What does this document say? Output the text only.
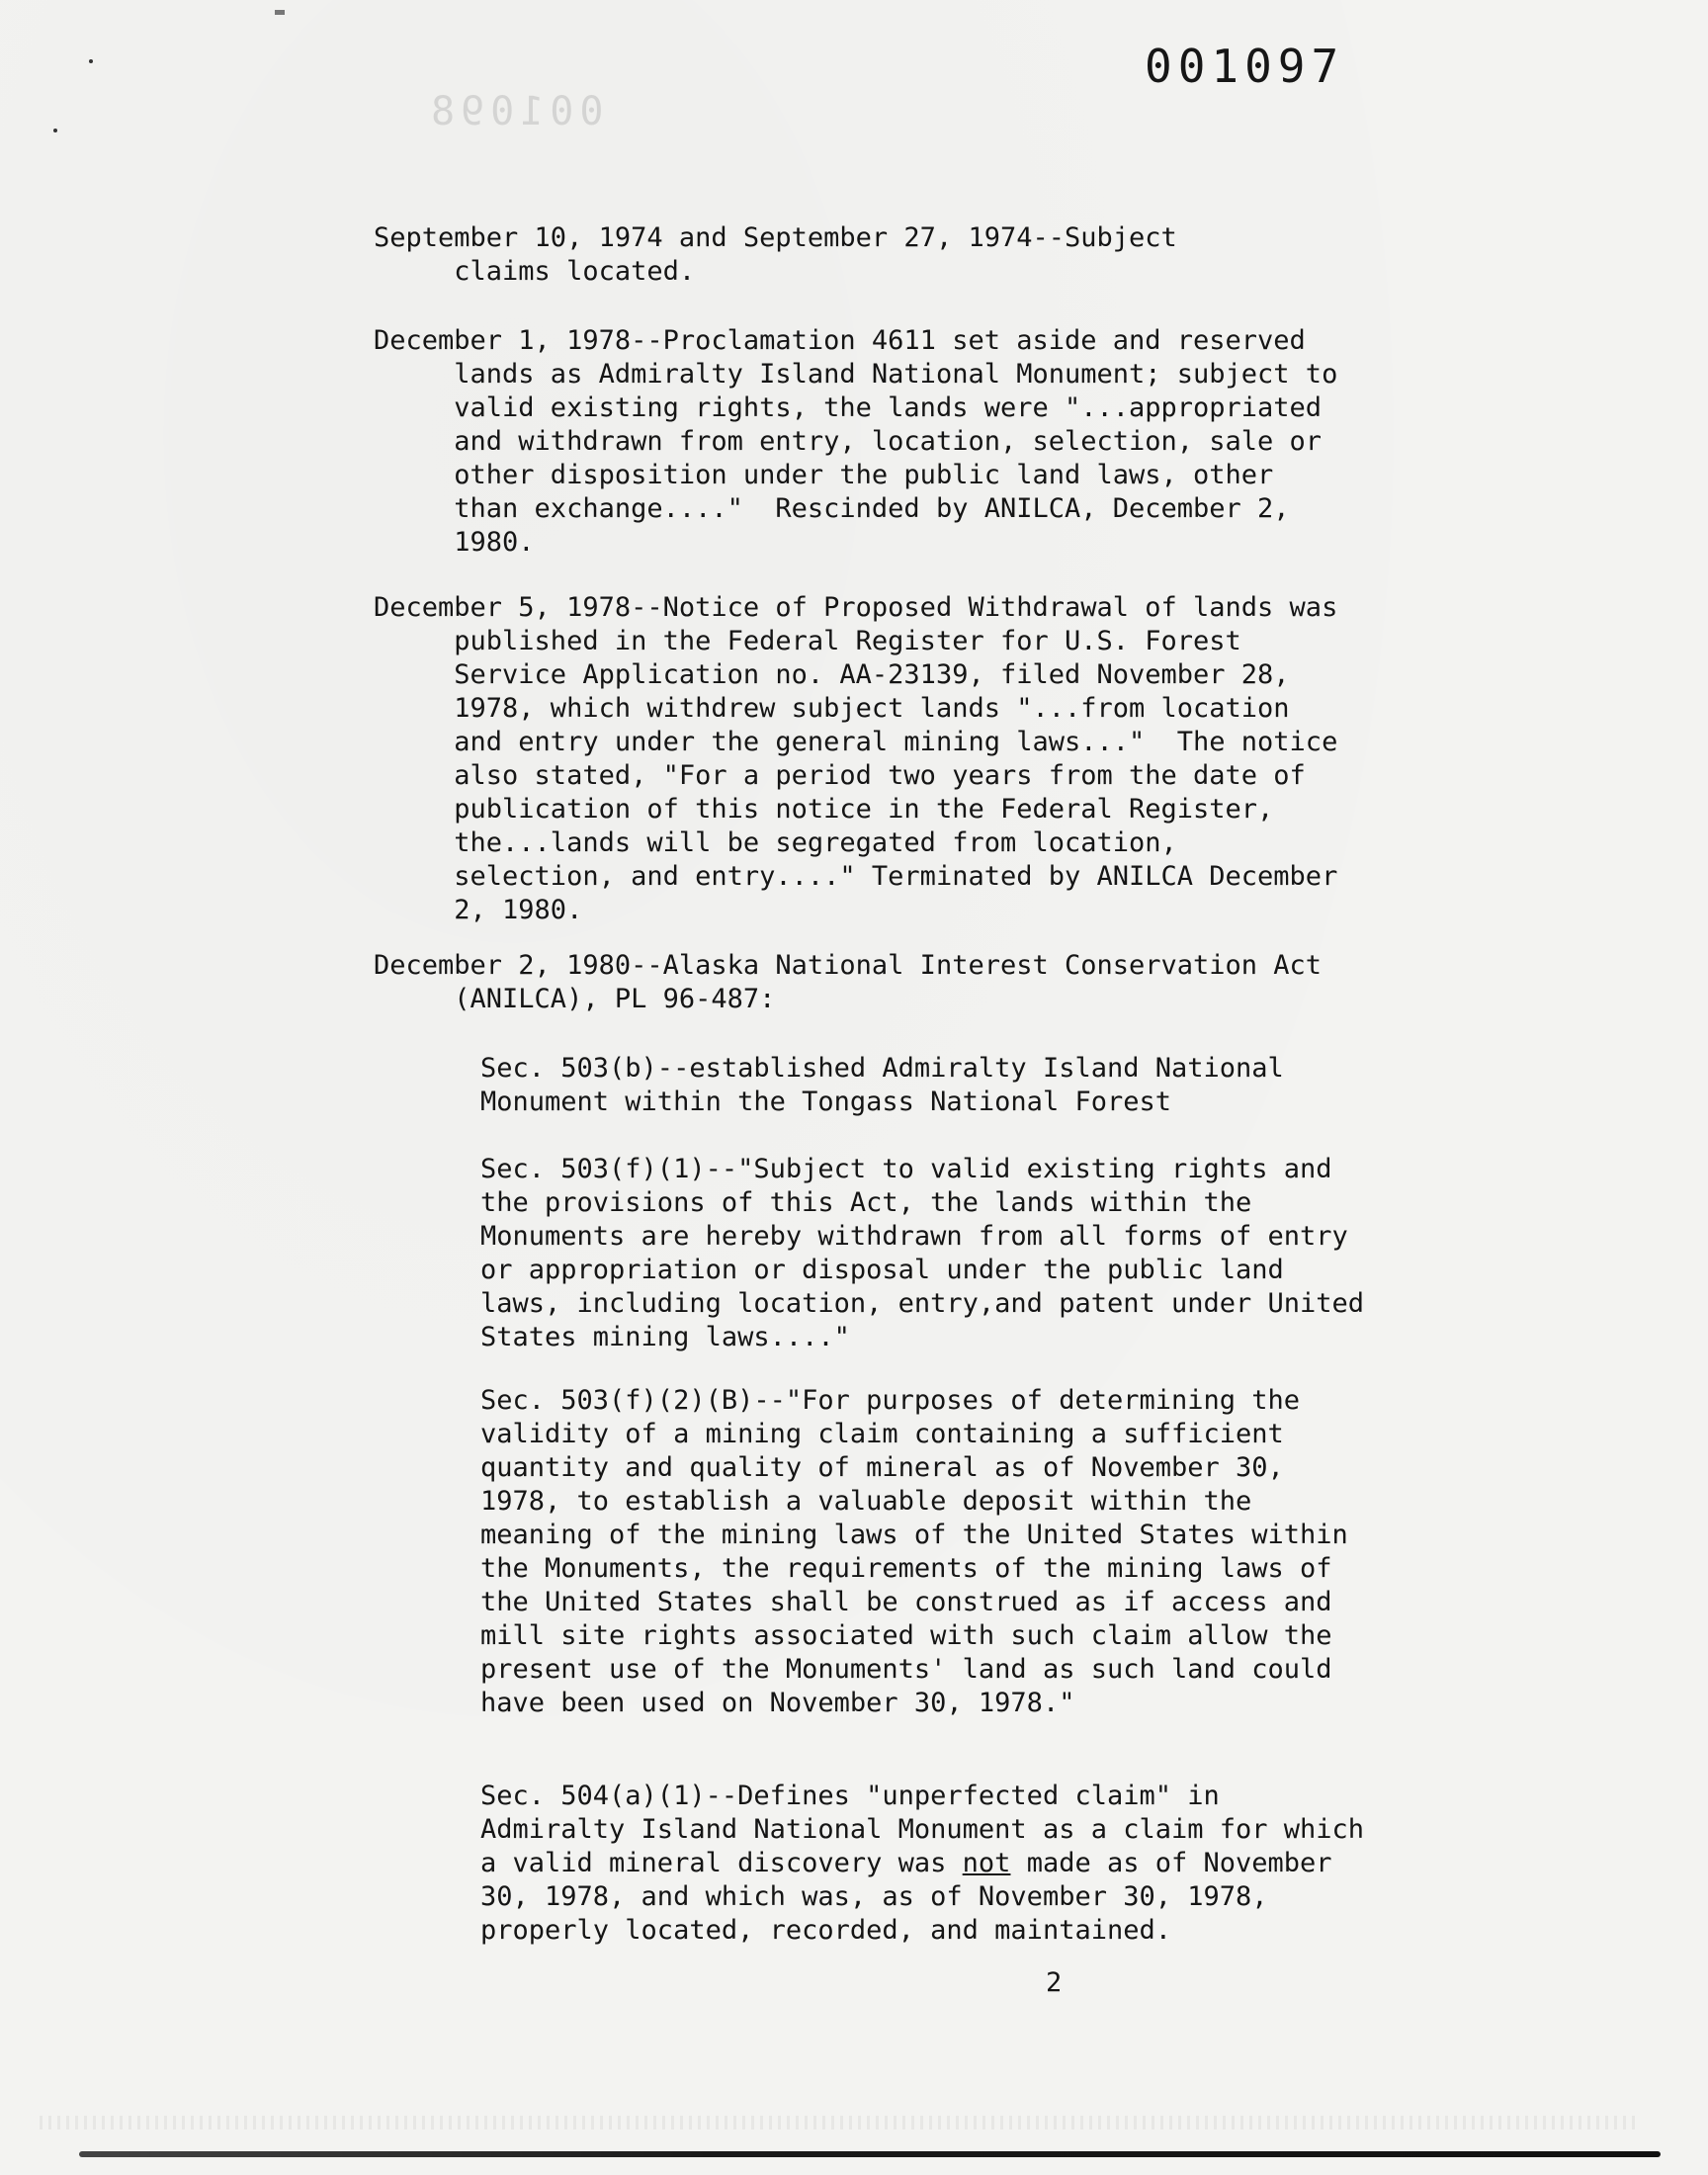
001097
001098
September 10, 1974 and September 27, 1974--Subject
claims located.
December 1, 1978--Proclamation 4611 set aside and reserved
lands as Admiralty Island National Monument; subject to
valid existing rights, the lands were "...appropriated
and withdrawn from entry, location, selection, sale or
other disposition under the public land laws, other
than exchange...."  Rescinded by ANILCA, December 2,
1980.
December 5, 1978--Notice of Proposed Withdrawal of lands was
published in the Federal Register for U.S. Forest
Service Application no. AA-23139, filed November 28,
1978, which withdrew subject lands "...from location
and entry under the general mining laws..."  The notice
also stated, "For a period two years from the date of
publication of this notice in the Federal Register,
the...lands will be segregated from location,
selection, and entry...." Terminated by ANILCA December
2, 1980.
December 2, 1980--Alaska National Interest Conservation Act
(ANILCA), PL 96-487:
Sec. 503(b)--established Admiralty Island National
Monument within the Tongass National Forest
Sec. 503(f)(1)--"Subject to valid existing rights and
the provisions of this Act, the lands within the
Monuments are hereby withdrawn from all forms of entry
or appropriation or disposal under the public land
laws, including location, entry,and patent under United
States mining laws...."
Sec. 503(f)(2)(B)--"For purposes of determining the
validity of a mining claim containing a sufficient
quantity and quality of mineral as of November 30,
1978, to establish a valuable deposit within the
meaning of the mining laws of the United States within
the Monuments, the requirements of the mining laws of
the United States shall be construed as if access and
mill site rights associated with such claim allow the
present use of the Monuments' land as such land could
have been used on November 30, 1978."
Sec. 504(a)(1)--Defines "unperfected claim" in
Admiralty Island National Monument as a claim for which
a valid mineral discovery was not made as of November
30, 1978, and which was, as of November 30, 1978,
properly located, recorded, and maintained.
2
